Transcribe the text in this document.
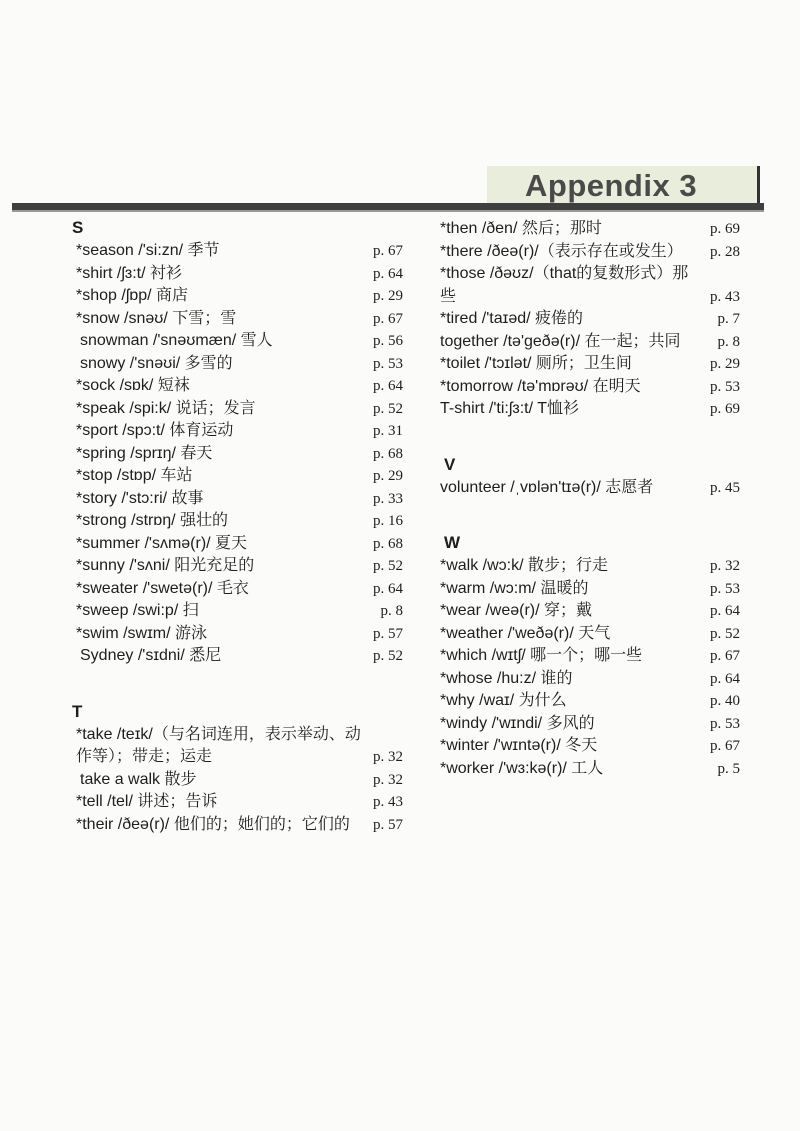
Appendix 3
S
*season /'si:zn/ 季节	p. 67
*shirt /ʃɜ:t/ 衬衫	p. 64
*shop /ʃɒp/ 商店	p. 29
*snow /snəʊ/ 下雪；雪	p. 67
snowman /'snəʊmæn/ 雪人	p. 56
snowy /'snəʊi/ 多雪的	p. 53
*sock /sɒk/ 短袜	p. 64
*speak /spi:k/ 说话；发言	p. 52
*sport /spɔ:t/ 体育运动	p. 31
*spring /sprɪŋ/ 春天	p. 68
*stop /stɒp/ 车站	p. 29
*story /'stɔ:ri/ 故事	p. 33
*strong /strɒŋ/ 强壮的	p. 16
*summer /'sʌmə(r)/ 夏天	p. 68
*sunny /'sʌni/ 阳光充足的	p. 52
*sweater /'swetə(r)/ 毛衣	p. 64
*sweep /swi:p/ 扫	p. 8
*swim /swɪm/ 游泳	p. 57
Sydney /'sɪdni/ 悉尼	p. 52
T
*take /teɪk/（与名词连用，表示举动、动作等）；带走；运走	p. 32
take a walk 散步	p. 32
*tell /tel/ 讲述；告诉	p. 43
*their /ðeə(r)/ 他们的；她们的；它们的	p. 57
*then /ðen/ 然后；那时	p. 69
*there /ðeə(r)/（表示存在或发生）	p. 28
*those /ðəʊz/（that的复数形式）那些	p. 43
*tired /'taɪəd/ 疲倦的	p. 7
together /tə'geðə(r)/ 在一起；共同	p. 8
*toilet /'tɔɪlət/ 厕所；卫生间	p. 29
*tomorrow /tə'mɒrəʊ/ 在明天	p. 53
T-shirt /'ti:ʃɜ:t/ T恤衫	p. 69
V
volunteer /ˌvɒlən'tɪə(r)/ 志愿者	p. 45
W
*walk /wɔ:k/ 散步；行走	p. 32
*warm /wɔ:m/ 温暖的	p. 53
*wear /weə(r)/ 穿；戴	p. 64
*weather /'weðə(r)/ 天气	p. 52
*which /wɪtʃ/ 哪一个；哪一些	p. 67
*whose /hu:z/ 谁的	p. 64
*why /waɪ/ 为什么	p. 40
*windy /'wɪndi/ 多风的	p. 53
*winter /'wɪntə(r)/ 冬天	p. 67
*worker /'wɜ:kə(r)/ 工人	p. 5
